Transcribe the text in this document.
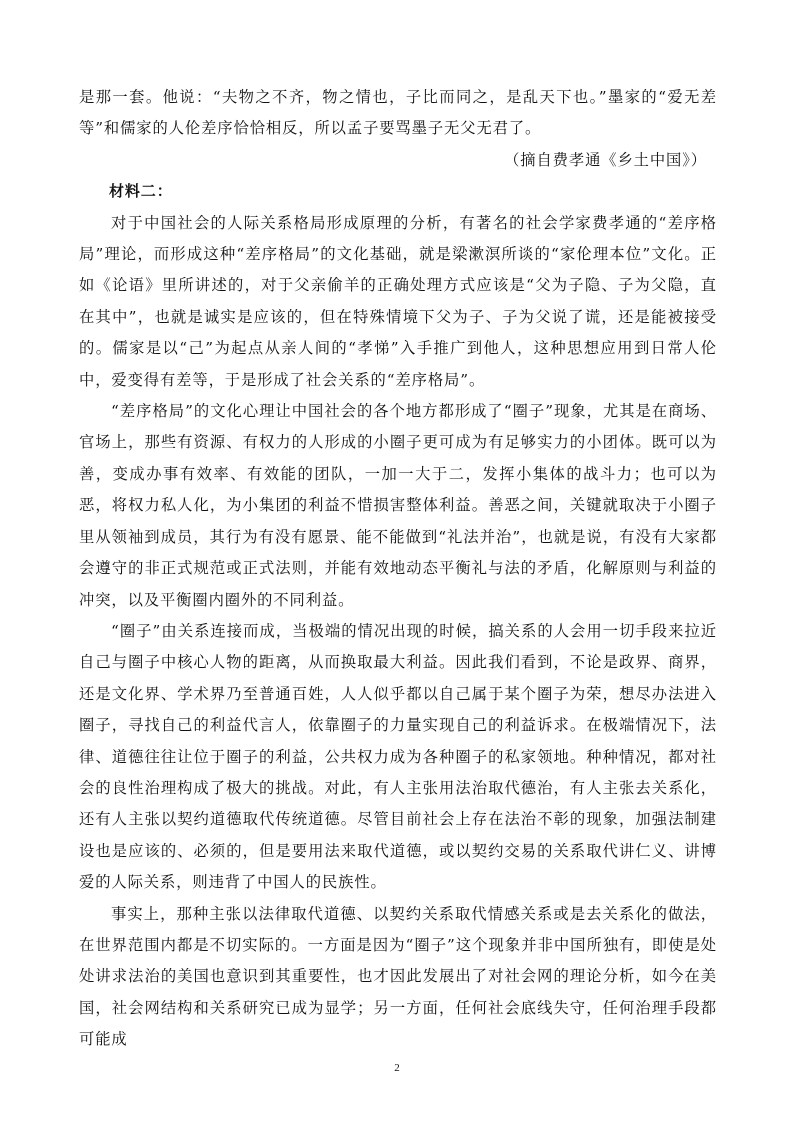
是那一套。他说：“夫物之不齐，物之情也，子比而同之，是乱天下也。”墨家的“爱无差等”和儒家的人伦差序恰恰相反，所以孟子要骂墨子无父无君了。

（摘自费孝通《乡土中国》）

材料二：

对于中国社会的人际关系格局形成原理的分析，有著名的社会学家费孝通的“差序格局”理论，而形成这种“差序格局”的文化基础，就是梁漱溟所谈的“家伦理本位”文化。正如《论语》里所讲述的，对于父亲偷羊的正确处理方式应该是“父为子隐、子为父隐，直在其中”，也就是诚实是应该的，但在特殊情境下父为子、子为父说了谎，还是能被接受的。儒家是以“己”为起点从亲人间的“孝悌”入手推广到他人，这种思想应用到日常人伦中，爱变得有差等，于是形成了社会关系的“差序格局”。

“差序格局”的文化心理让中国社会的各个地方都形成了“圈子”现象，尤其是在商场、官场上，那些有资源、有权力的人形成的小圈子更可成为有足够实力的小团体。既可以为善，变成办事有效率、有效能的团队，一加一大于二，发挥小集体的战斗力；也可以为恶，将权力私人化，为小集团的利益不惜损害整体利益。善恶之间，关键就取决于小圈子里从领袖到成员，其行为有没有愿景、能不能做到“礼法并治”，也就是说，有没有大家都会遵守的非正式规范或正式法则，并能有效地动态平衡礼与法的矛盾，化解原则与利益的冲突，以及平衡圈内圈外的不同利益。

“圈子”由关系连接而成，当极端的情况出现的时候，搞关系的人会用一切手段来拉近自己与圈子中核心人物的距离，从而换取最大利益。因此我们看到，不论是政界、商界，还是文化界、学术界乃至普通百姓，人人似乎都以自己属于某个圈子为荣，想尽办法进入圈子，寻找自己的利益代言人，依靠圈子的力量实现自己的利益诉求。在极端情况下，法律、道德往往让位于圈子的利益，公共权力成为各种圈子的私家领地。种种情况，都对社会的良性治理构成了极大的挑战。对此，有人主张用法治取代德治，有人主张去关系化，还有人主张以契约道德取代传统道德。尽管目前社会上存在法治不彰的现象，加强法制建设也是应该的、必须的，但是要用法来取代道德，或以契约交易的关系取代讲仁义、讲博爱的人际关系，则违背了中国人的民族性。

事实上，那种主张以法律取代道德、以契约关系取代情感关系或是去关系化的做法，在世界范围内都是不切实际的。一方面是因为“圈子”这个现象并非中国所独有，即使是处处讲求法治的美国也意识到其重要性，也才因此发展出了对社会网的理论分析，如今在美国，社会网结构和关系研究已成为显学；另一方面，任何社会底线失守，任何治理手段都可能成

2
